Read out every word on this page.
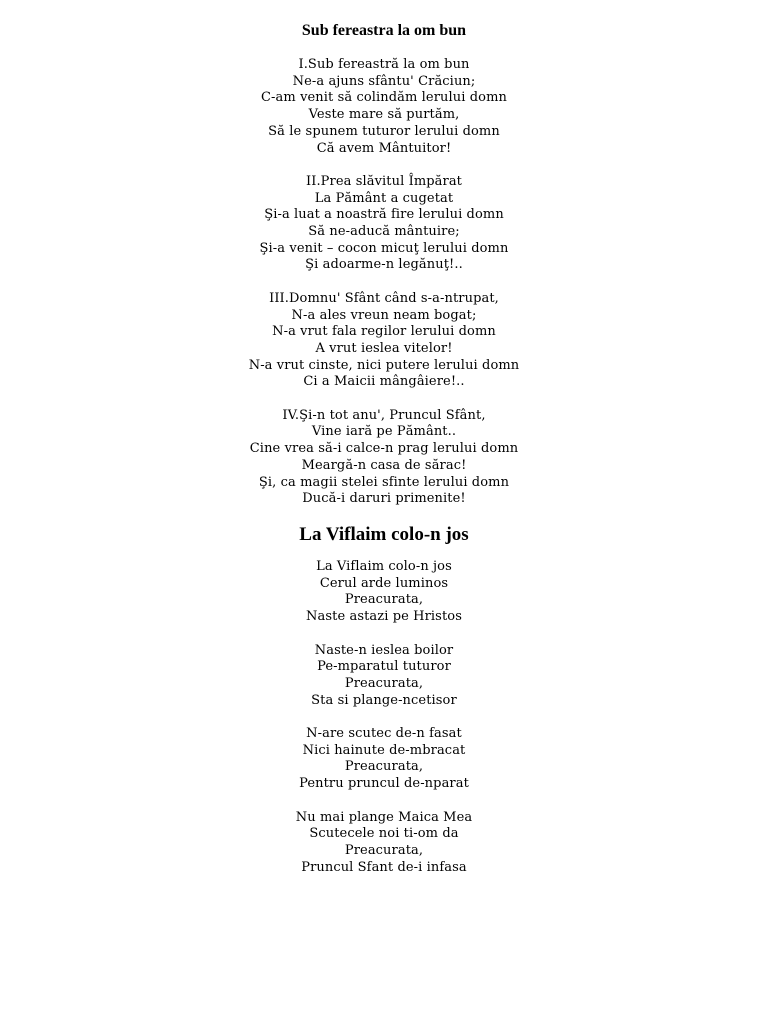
Sub fereastra la om bun
I.Sub fereastră la om bun
Ne-a ajuns sfântu' Crăciun;
C-am venit să colindăm lerului domn
Veste mare să purtăm,
Să le spunem tuturor lerului domn
Că avem Mântuitor!
II.Prea slăvitul Împărat
La Pământ a cugetat
Şi-a luat a noastră fire lerului domn
Să ne-aducă mântuire;
Şi-a venit – cocon micuţ lerului domn
Şi adoarme-n legănuţ!..
III.Domnu' Sfânt când s-a-ntrupat,
N-a ales vreun neam bogat;
N-a vrut fala regilor lerului domn
A vrut ieslea vitelor!
N-a vrut cinste, nici putere lerului domn
Ci a Maicii mângâiere!..
IV.Şi-n tot anu', Pruncul Sfânt,
Vine iară pe Pământ..
Cine vrea să-i calce-n prag lerului domn
Meargă-n casa de sărac!
Şi, ca magii stelei sfinte lerului domn
Ducă-i daruri primenite!
La Viflaim colo-n jos
La Viflaim colo-n jos
Cerul arde luminos
Preacurata,
Naste astazi pe Hristos
Naste-n ieslea boilor
Pe-mparatul tuturor
Preacurata,
Sta si plange-ncetisor
N-are scutec de-n fasat
Nici hainute de-mbracat
Preacurata,
Pentru pruncul de-nparat
Nu mai plange Maica Mea
Scutecele noi ti-om da
Preacurata,
Pruncul Sfant de-i infasa
